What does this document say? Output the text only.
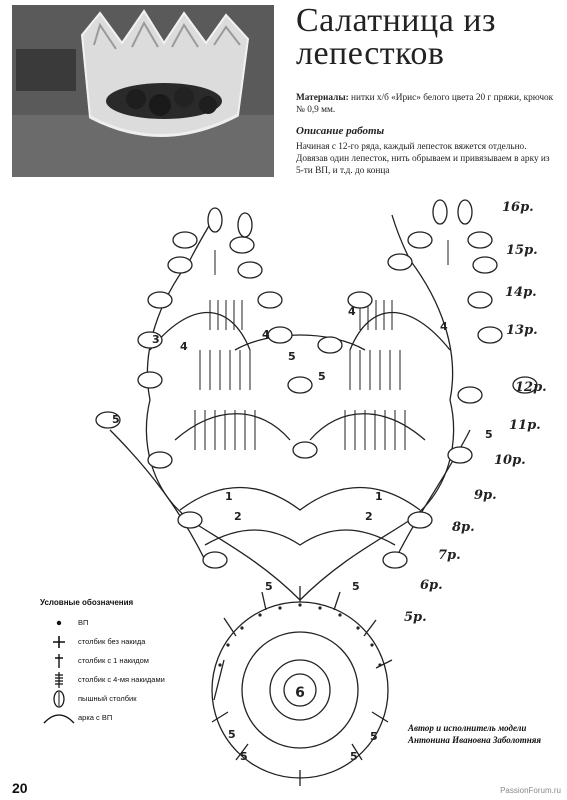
Салатница из лепестков
Материалы: нитки х/б «Ирис» белого цвета 20 г пряжи, крючок № 0,9 мм.
Описание работы
Начиная с 12-го ряда, каждый лепесток вяжется отдельно. Довязав один лепесток, нить обрываем и привязываем в арку из 5-ти ВП, и т.д. до конца
4
4
4
4
3
5
5
5
5
5	5
5	5
5	5
2	2
1	1
6
16р.
15р.
14р.
13р.
12р.
11р.
10р.
9р.
8р.
7р.
6р.
5р.
Условные обозначения
ВП
столбик без накида
столбик с 1 накидом
столбик с 4-мя накидами
пышный столбик
арка с ВП
Автор и исполнитель модели
Антонина Ивановна Заболотняя
20	PassionForum.ru
